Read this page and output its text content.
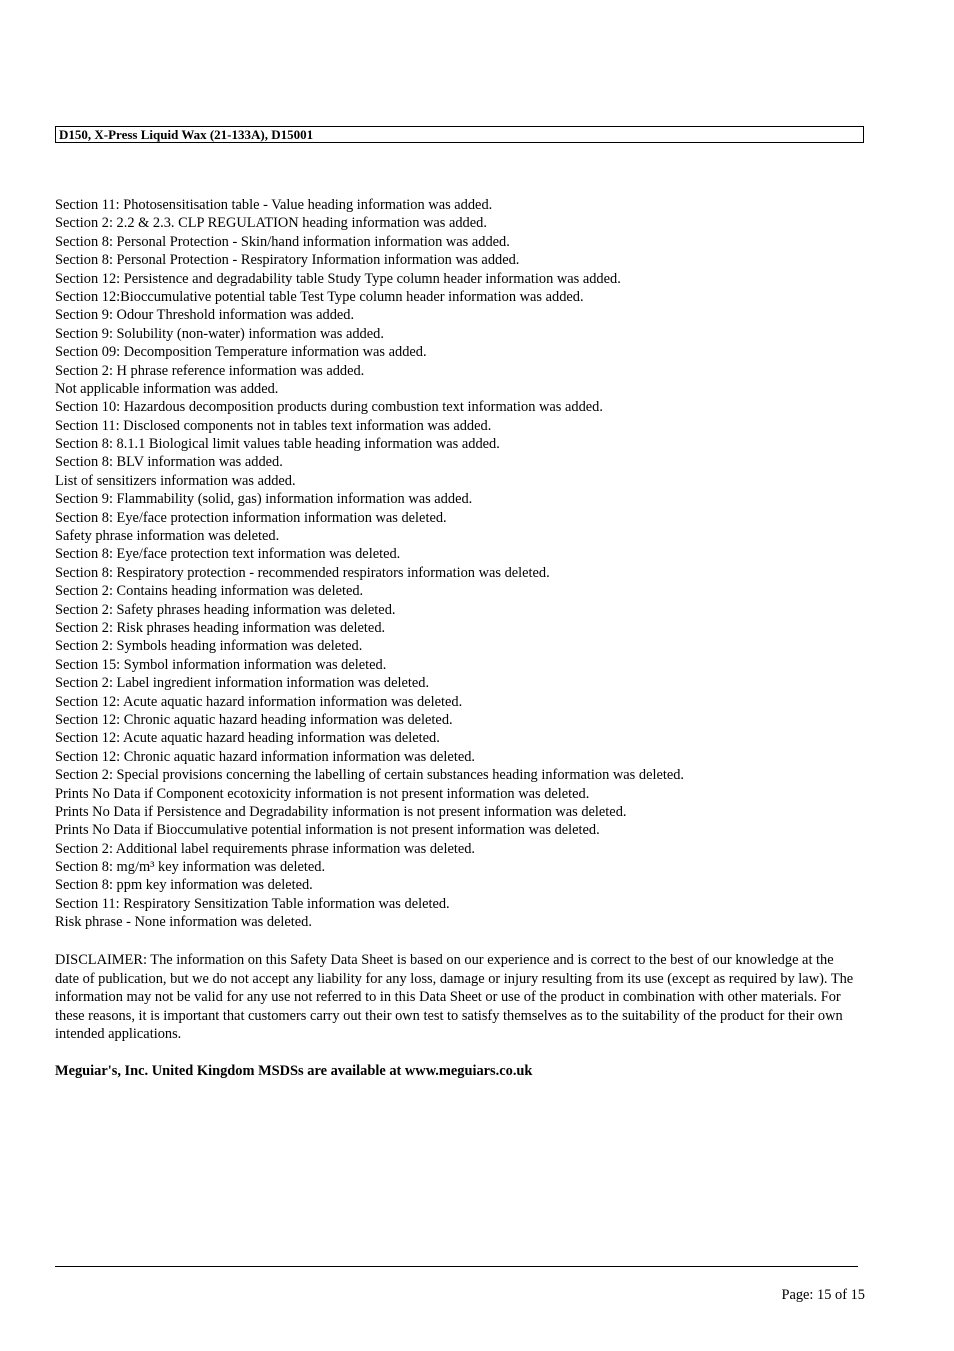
D150, X-Press Liquid Wax (21-133A), D15001
Section 11: Photosensitisation table - Value heading information was added.
Section 2: 2.2 & 2.3. CLP REGULATION heading information was added.
Section 8: Personal Protection - Skin/hand information information was added.
Section 8: Personal Protection - Respiratory Information information was added.
Section 12: Persistence and degradability table Study Type column header information was added.
Section 12:Bioccumulative potential table Test Type column header information was added.
Section 9: Odour Threshold information was added.
Section 9: Solubility (non-water) information was added.
Section 09: Decomposition Temperature information was added.
Section 2: H phrase reference information was added.
Not applicable information was added.
Section 10: Hazardous decomposition products during combustion text information was added.
Section 11: Disclosed components not in tables text information was added.
Section 8: 8.1.1 Biological limit values table heading information was added.
Section 8: BLV information was added.
List of sensitizers information was added.
Section 9: Flammability (solid, gas) information information was added.
Section 8: Eye/face protection information information was deleted.
Safety phrase information was deleted.
Section 8: Eye/face protection text information was deleted.
Section 8: Respiratory protection - recommended respirators information was deleted.
Section 2: Contains heading information was deleted.
Section 2: Safety phrases heading information was deleted.
Section 2: Risk phrases heading information was deleted.
Section 2: Symbols heading information was deleted.
Section 15: Symbol information information was deleted.
Section 2: Label ingredient information information was deleted.
Section 12: Acute aquatic hazard information information was deleted.
Section 12: Chronic aquatic hazard heading information was deleted.
Section 12: Acute aquatic hazard heading information was deleted.
Section 12: Chronic aquatic hazard information information was deleted.
Section 2: Special provisions concerning the labelling of certain substances heading information was deleted.
Prints No Data if Component ecotoxicity information is not present information was deleted.
Prints No Data if Persistence and Degradability information is not present information was deleted.
Prints No Data if Bioccumulative potential information is not present information was deleted.
Section 2: Additional label requirements phrase information was deleted.
Section 8: mg/m³ key information was deleted.
Section 8: ppm key information was deleted.
Section 11: Respiratory Sensitization Table information was deleted.
Risk phrase - None information was deleted.

DISCLAIMER: The information on this Safety Data Sheet is based on our experience and is correct to the best of our knowledge at the date of publication, but we do not accept any liability for any loss, damage or injury resulting from its use (except as required by law). The information may not be valid for any use not referred to in this Data Sheet or use of the product in combination with other materials. For these reasons, it is important that customers carry out their own test to satisfy themselves as to the suitability of the product for their own intended applications.

Meguiar's, Inc. United Kingdom MSDSs are available at www.meguiars.co.uk
Page: 15 of 15
